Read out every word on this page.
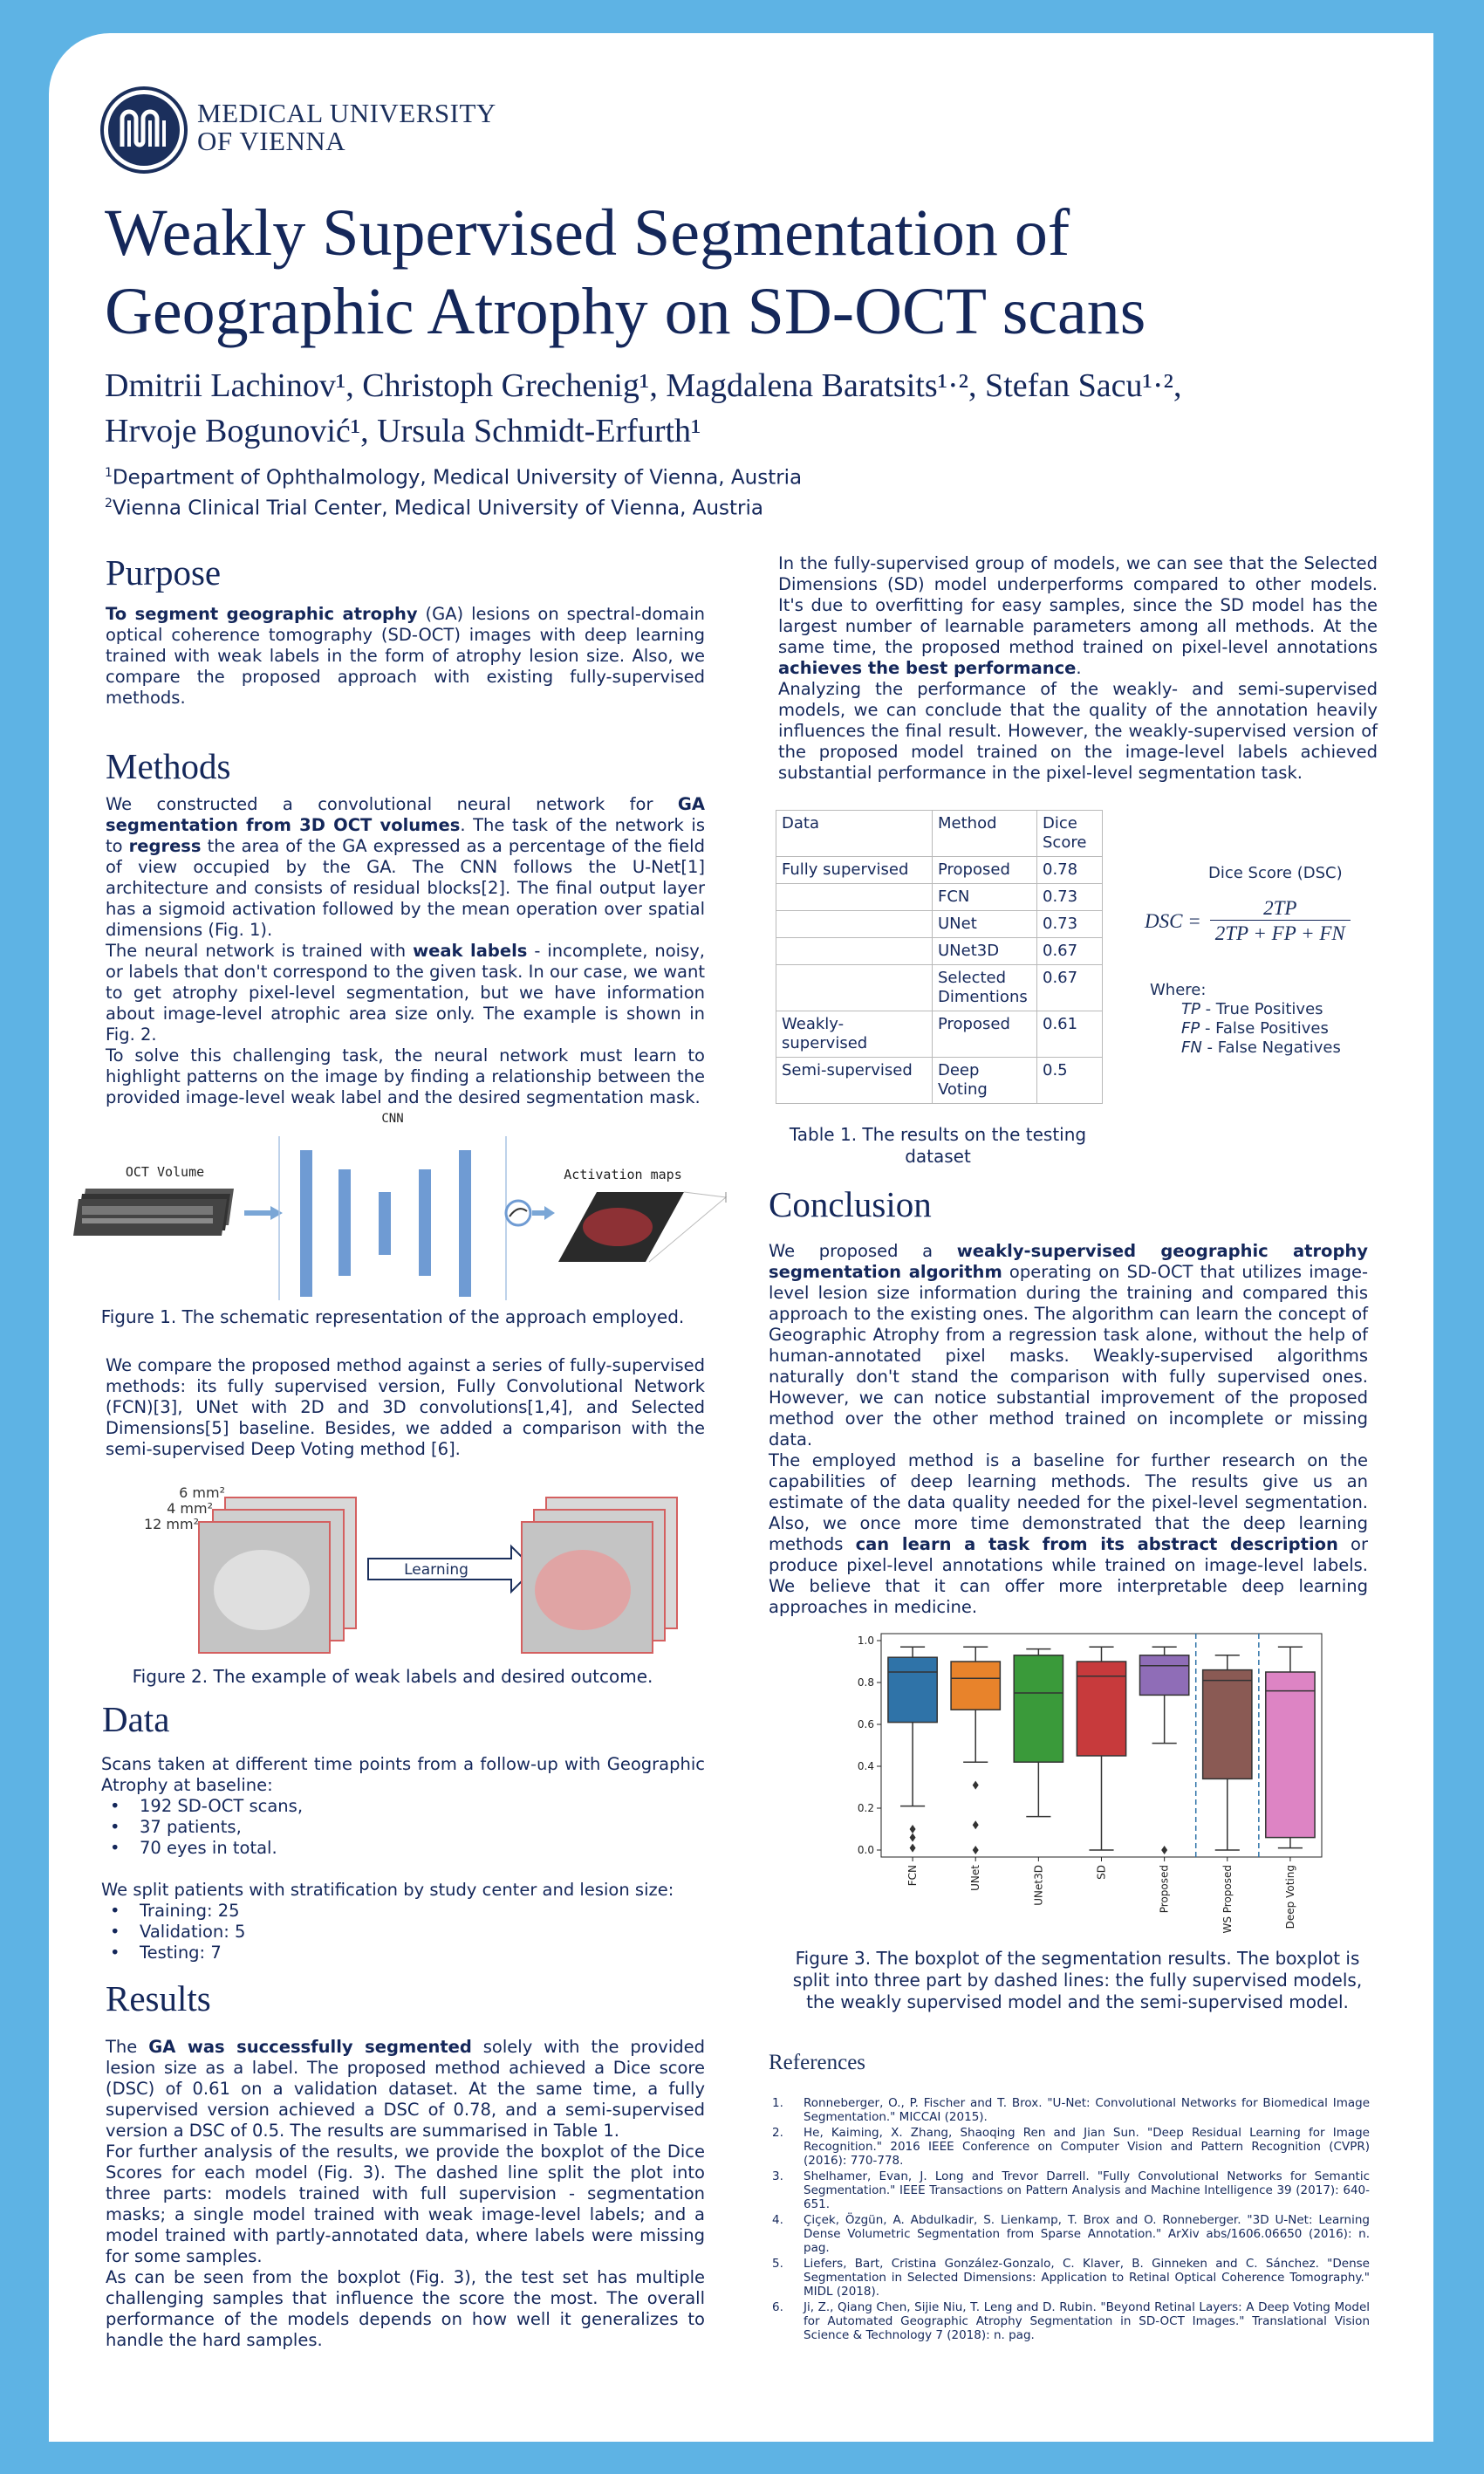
MEDICAL UNIVERSITY
OF VIENNA
Weakly Supervised Segmentation of
Geographic Atrophy on SD-OCT scans
Dmitrii Lachinov¹, Christoph Grechenig¹, Magdalena Baratsits¹·², Stefan Sacu¹·²,
Hrvoje Bogunović¹, Ursula Schmidt-Erfurth¹
$^1$Department of Ophthalmology, Medical University of Vienna, Austria
$^2$Vienna Clinical Trial Center, Medical University of Vienna, Austria
Purpose

To segment geographic atrophy (GA) lesions on spectral-domain optical coherence tomography (SD-OCT) images with deep learning trained with weak labels in the form of atrophy lesion size. Also, we compare the proposed approach with existing fully-supervised methods.

Methods

We constructed a convolutional neural network for GA segmentation from 3D OCT volumes. The task of the network is to regress the area of the GA expressed as a percentage of the field of view occupied by the GA. The CNN follows the U-Net[1] architecture and consists of residual blocks[2]. The final output layer has a sigmoid activation followed by the mean operation over spatial dimensions (Fig. 1).

The neural network is trained with weak labels - incomplete, noisy, or labels that don't correspond to the given task. In our case, we want to get atrophy pixel-level segmentation, but we have information about image-level atrophic area size only. The example is shown in Fig. 2.

To solve this challenging task, the neural network must learn to highlight patterns on the image by finding a relationship between the provided image-level weak label and the desired segmentation mask.

CNN
OCT Volume	Activation maps
Figure 1. The schematic representation of the approach employed.

We compare the proposed method against a series of fully-supervised methods: its fully supervised version, Fully Convolutional Network (FCN)[3], UNet with 2D and 3D convolutions[1,4], and Selected Dimensions[5] baseline. Besides, we added a comparison with the semi-supervised Deep Voting method [6].

6 mm²
4 mm²
12 mm²
Learning
Figure 2. The example of weak labels and desired outcome.
Data

Scans taken at different time points from a follow-up with Geographic Atrophy at baseline:

• 192 SD-OCT scans,
• 37 patients,
• 70 eyes in total.

We split patients with stratification by study center and lesion size:

• Training: 25
• Validation: 5
• Testing: 7
Results

The GA was successfully segmented solely with the provided lesion size as a label. The proposed method achieved a Dice score (DSC) of 0.61 on a validation dataset. At the same time, a fully supervised version achieved a DSC of 0.78, and a semi-supervised version a DSC of 0.5. The results are summarised in Table 1.

For further analysis of the results, we provide the boxplot of the Dice Scores for each model (Fig. 3). The dashed line split the plot into three parts: models trained with full supervision - segmentation masks; a single model trained with weak image-level labels; and a model trained with partly-annotated data, where labels were missing for some samples.

As can be seen from the boxplot (Fig. 3), the test set has multiple challenging samples that influence the score the most. The overall performance of the models depends on how well it generalizes to handle the hard samples.

In the fully-supervised group of models, we can see that the Selected Dimensions (SD) model underperforms compared to other models. It's due to overfitting for easy samples, since the SD model has the largest number of learnable parameters among all methods. At the same time, the proposed method trained on pixel-level annotations achieves the best performance.

Analyzing the performance of the weakly- and semi-supervised models, we can conclude that the quality of the annotation heavily influences the final result. However, the weakly-supervised version of the proposed model trained on the image-level labels achieved substantial performance in the pixel-level segmentation task.

Data	Method	Dice Score
Fully supervised	Proposed	0.78
	FCN	0.73
	UNet	0.73
	UNet3D	0.67
	Selected Dimentions	0.67
Weakly-supervised	Proposed	0.61
Semi-supervised	Deep Voting	0.5
Table 1. The results on the testing dataset
Dice Score (DSC)
DSC = $\frac{2TP}{2TP + FP + FN}$
Where:
TP - True Positives
FP - False Positives
FN - False Negatives
Conclusion

We proposed a weakly-supervised geographic atrophy segmentation algorithm operating on SD-OCT that utilizes image-level lesion size information during the training and compared this approach to the existing ones. The algorithm can learn the concept of Geographic Atrophy from a regression task alone, without the help of human-annotated pixel masks. Weakly-supervised algorithms naturally don't stand the comparison with fully supervised ones. However, we can notice substantial improvement of the proposed method over the other method trained on incomplete or missing data.

The employed method is a baseline for further research on the capabilities of deep learning methods. The results give us an estimate of the data quality needed for the pixel-level segmentation. Also, we once more time demonstrated that the deep learning methods can learn a task from its abstract description or produce pixel-level annotations while trained on image-level labels. We believe that it can offer more interpretable deep learning approaches in medicine.

0.0
0.2
0.4
0.6
0.8
1.0
FCN	UNet	UNet3D	SD	Proposed	WS Proposed	Deep Voting
Figure 3. The boxplot of the segmentation results. The boxplot is split into three part by dashed lines: the fully supervised models, the weakly supervised model and the semi-supervised model.
References
1. Ronneberger, O., P. Fischer and T. Brox. "U-Net: Convolutional Networks for Biomedical Image Segmentation." MICCAI (2015).
2. He, Kaiming, X. Zhang, Shaoqing Ren and Jian Sun. "Deep Residual Learning for Image Recognition." 2016 IEEE Conference on Computer Vision and Pattern Recognition (CVPR) (2016): 770-778.
3. Shelhamer, Evan, J. Long and Trevor Darrell. "Fully Convolutional Networks for Semantic Segmentation." IEEE Transactions on Pattern Analysis and Machine Intelligence 39 (2017): 640-651.
4. Çiçek, Özgün, A. Abdulkadir, S. Lienkamp, T. Brox and O. Ronneberger. "3D U-Net: Learning Dense Volumetric Segmentation from Sparse Annotation." ArXiv abs/1606.06650 (2016): n. pag.
5. Liefers, Bart, Cristina González-Gonzalo, C. Klaver, B. Ginneken and C. Sánchez. "Dense Segmentation in Selected Dimensions: Application to Retinal Optical Coherence Tomography." MIDL (2018).
6. Ji, Z., Qiang Chen, Sijie Niu, T. Leng and D. Rubin. "Beyond Retinal Layers: A Deep Voting Model for Automated Geographic Atrophy Segmentation in SD-OCT Images." Translational Vision Science & Technology 7 (2018): n. pag.
